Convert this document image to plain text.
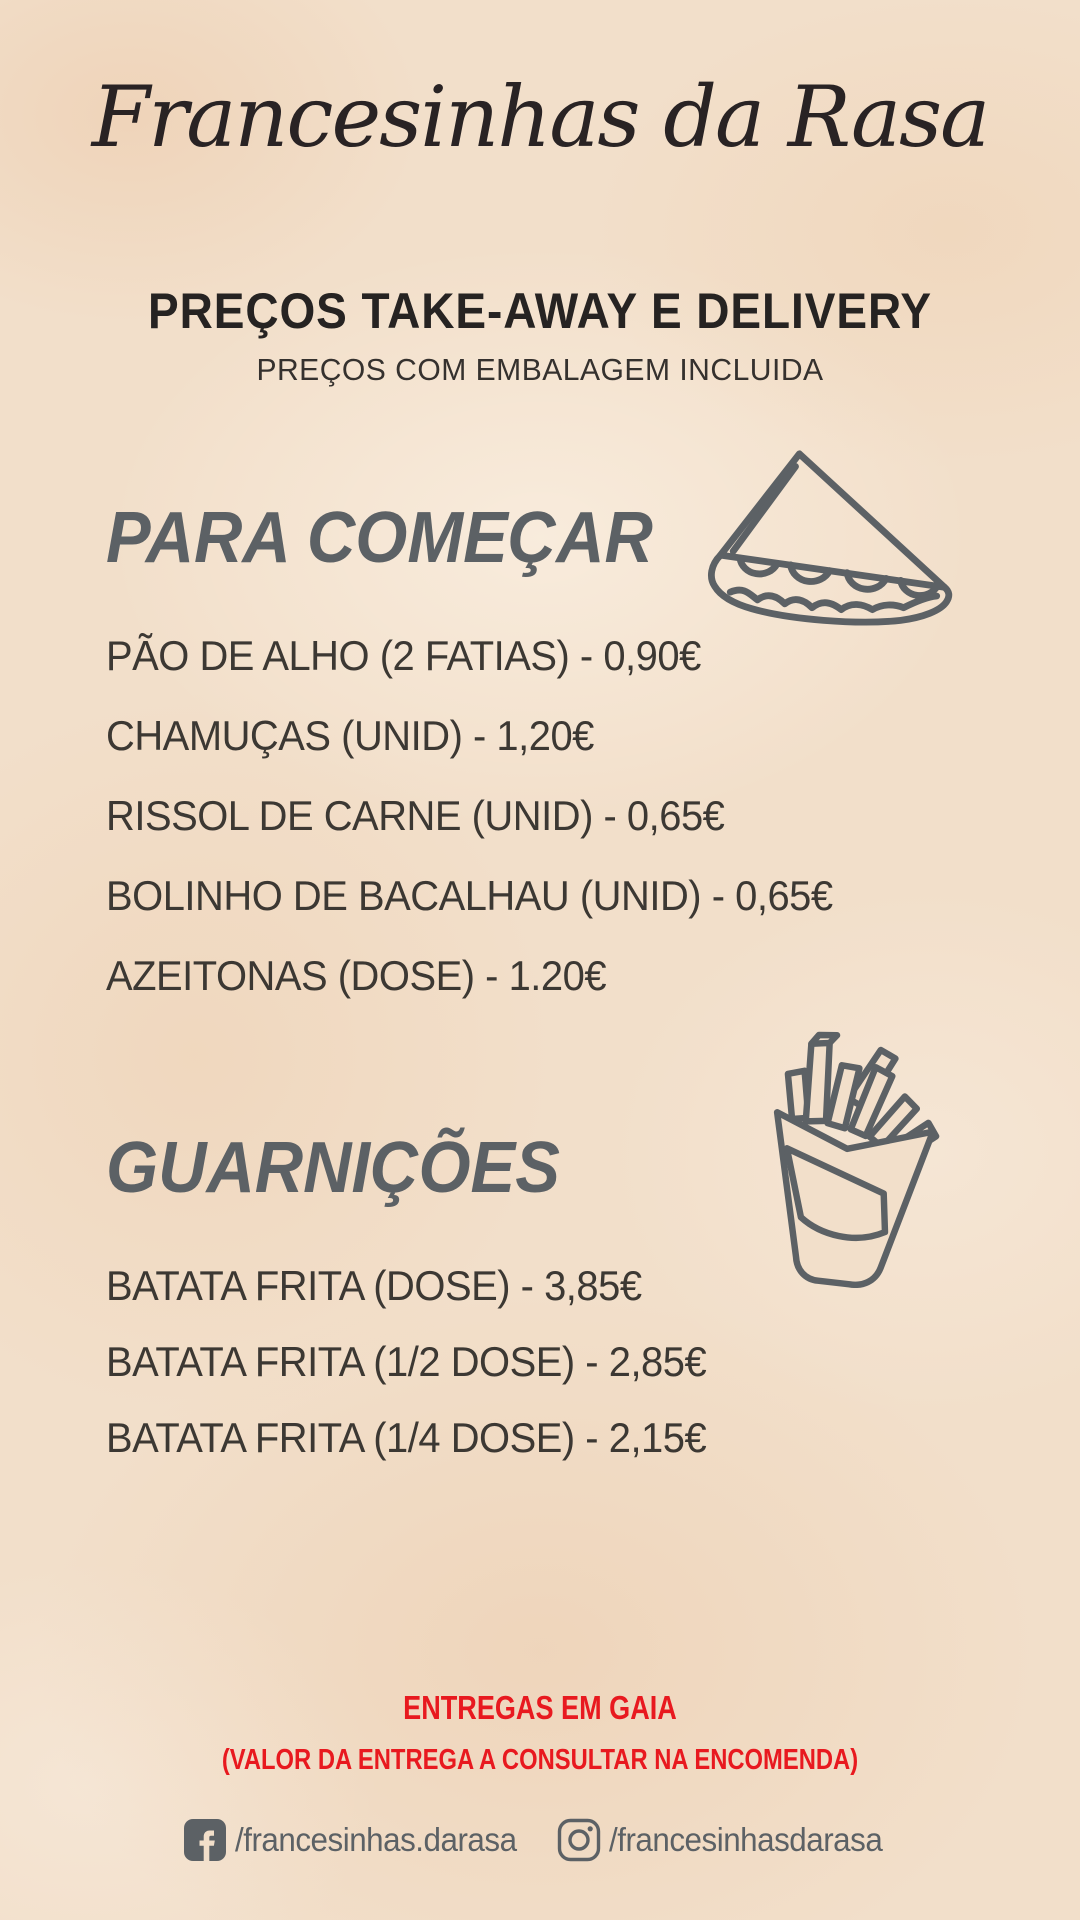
Francesinhas da Rasa
PREÇOS TAKE-AWAY E DELIVERY
PREÇOS COM EMBALAGEM INCLUIDA
PARA COMEÇAR
PÃO DE ALHO (2 FATIAS) - 0,90€
CHAMUÇAS (UNID) - 1,20€
RISSOL DE CARNE (UNID) - 0,65€
BOLINHO DE BACALHAU (UNID) - 0,65€
AZEITONAS (DOSE) - 1.20€
GUARNIÇÕES
BATATA FRITA (DOSE) - 3,85€
BATATA FRITA (1/2 DOSE) - 2,85€
BATATA FRITA (1/4 DOSE) - 2,15€
ENTREGAS EM GAIA
(VALOR DA ENTREGA A CONSULTAR NA ENCOMENDA)
/francesinhas.darasa	/francesinhasdarasa
